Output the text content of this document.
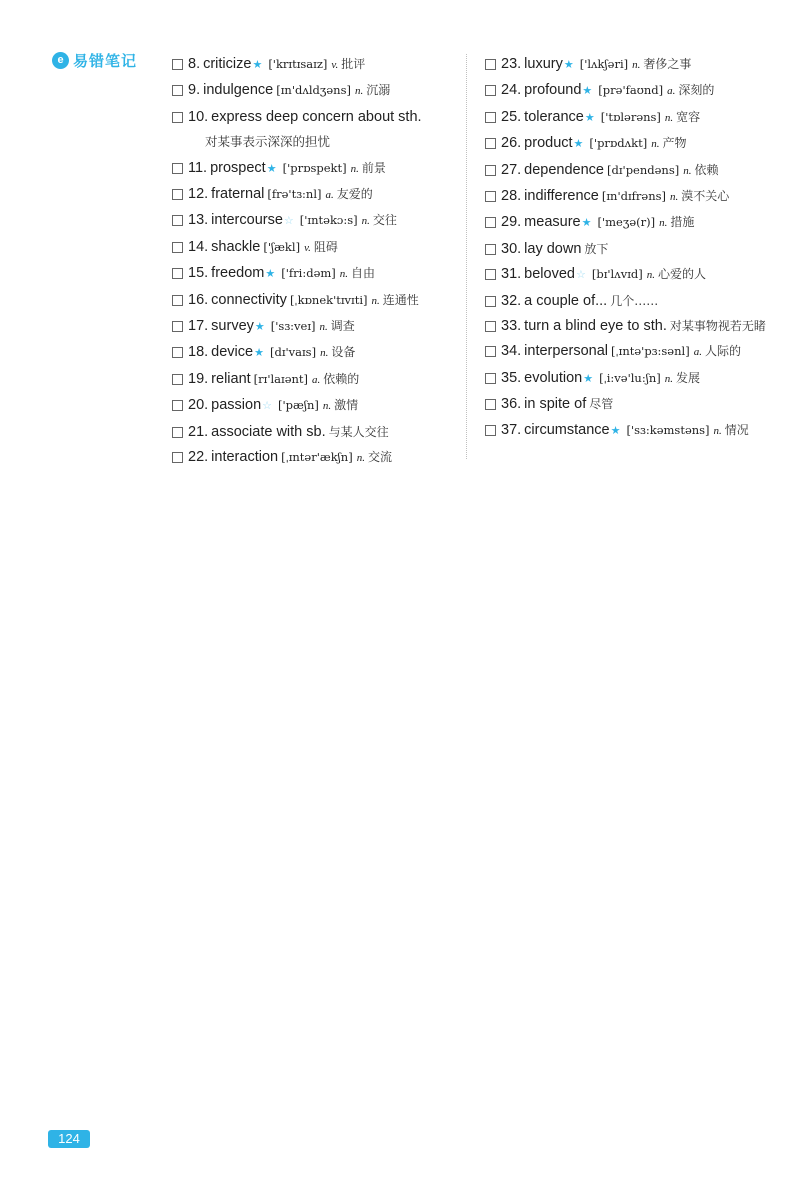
e 易错笔记	8. criticize★ ['krɪtɪsaɪz] v. 批评
9. indulgence [ɪn'dʌldʒəns] n. 沉溺
10. express deep concern about sth.
对某事表示深深的担忧
11. prospect★ ['prɒspekt] n. 前景
12. fraternal [frə'tɜ:nl] a. 友爱的
13. intercourse☆ ['ɪntəkɔ:s] n. 交往
14. shackle ['ʃækl] v. 阻碍
15. freedom★ ['fri:dəm] n. 自由
16. connectivity [ˌkɒnek'tɪvɪti] n. 连通性
17. survey★ ['sɜ:veɪ] n. 调查
18. device★ [dɪ'vaɪs] n. 设备
19. reliant [rɪ'laɪənt] a. 依赖的
20. passion☆ ['pæʃn] n. 激情
21. associate with sb. 与某人交往
22. interaction [ˌɪntər'ækʃn] n. 交流
23. luxury★ ['lʌkʃəri] n. 奢侈之事
24. profound★ [prə'faʊnd] a. 深刻的
25. tolerance★ ['tɒlərəns] n. 宽容
26. product★ ['prɒdʌkt] n. 产物
27. dependence [dɪ'pendəns] n. 依赖
28. indifference [ɪn'dɪfrəns] n. 漠不关心
29. measure★ ['meʒə(r)] n. 措施
30. lay down 放下
31. beloved☆ [bɪ'lʌvɪd] n. 心爱的人
32. a couple of... 几个……
33. turn a blind eye to sth. 对某事物视若无睹
34. interpersonal [ˌɪntə'pɜ:sənl] a. 人际的
35. evolution★ [ˌi:və'lu:ʃn] n. 发展
36. in spite of 尽管
37. circumstance★ ['sɜ:kəmstəns] n. 情况
124
